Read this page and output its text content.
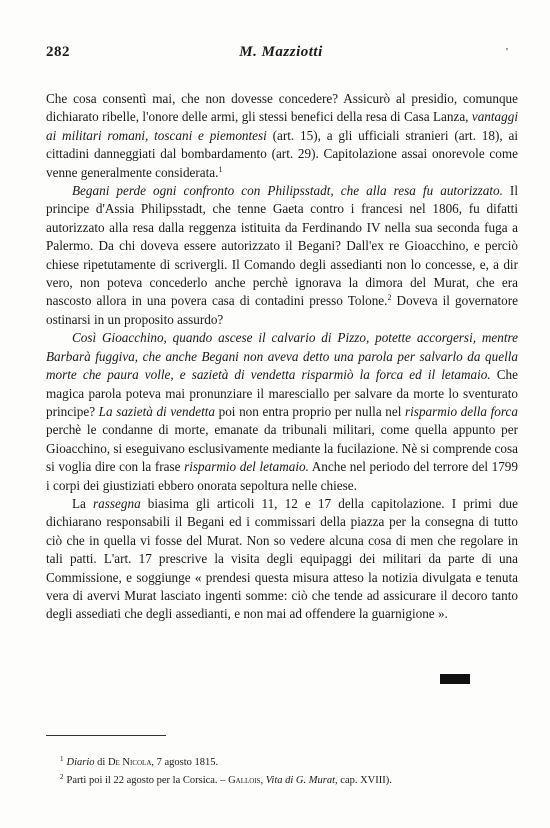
282	M. Mazziotti	'

Che cosa consentì mai, che non dovesse concedere? Assicurò al presidio, comunque dichiarato ribelle, l'onore delle armi, gli stessi benefici della resa di Casa Lanza, vantaggi ai militari romani, toscani e piemontesi (art. 15), a gli ufficiali stranieri (art. 18), ai cittadini danneggiati dal bombardamento (art. 29). Capitolazione assai onorevole come venne generalmente considerata.$^1$

Begani perde ogni confronto con Philipsstadt, che alla resa fu autorizzato. Il principe d'Assia Philipsstadt, che tenne Gaeta contro i francesi nel 1806, fu difatti autorizzato alla resa dalla reggenza istituita da Ferdinando IV nella sua seconda fuga a Palermo. Da chi doveva essere autorizzato il Begani? Dall'ex re Gioacchino, e perciò chiese ripetutamente di scrivergli. Il Comando degli assedianti non lo concesse, e, a dir vero, non poteva concederlo anche perchè ignorava la dimora del Murat, che era nascosto allora in una povera casa di contadini presso Tolone.$^2$ Doveva il governatore ostinarsi in un proposito assurdo?

Così Gioacchino, quando ascese il calvario di Pizzo, potette accorgersi, mentre Barbarà fuggiva, che anche Begani non aveva detto una parola per salvarlo da quella morte che paura volle, e sazietà di vendetta risparmiò la forca ed il letamaio. Che magica parola poteva mai pronunziare il maresciallo per salvare da morte lo sventurato principe? La sazietà di vendetta poi non entra proprio per nulla nel risparmio della forca perchè le condanne di morte, emanate da tribunali militari, come quella appunto per Gioacchino, si eseguivano esclusivamente mediante la fucilazione. Nè si comprende cosa si voglia dire con la frase risparmio del letamaio. Anche nel periodo del terrore del 1799 i corpi dei giustiziati ebbero onorata sepoltura nelle chiese.

La rassegna biasima gli articoli 11, 12 e 17 della capitolazione. I primi due dichiarano responsabili il Begani ed i commissari della piazza per la consegna di tutto ciò che in quella vi fosse del Murat. Non so vedere alcuna cosa di men che regolare in tali patti. L'art. 17 prescrive la visita degli equipaggi dei militari da parte di una Commissione, e soggiunge « prendesi questa misura atteso la notizia divulgata e tenuta vera di avervi Murat lasciato ingenti somme: ciò che tende ad assicurare il decoro tanto degli assediati che degli assedianti, e non mai ad offendere la guarnigione ».

$^1$ Diario di De Nicola, 7 agosto 1815.
$^2$ Partì poi il 22 agosto per la Corsica. – Gallois, Vita di G. Murat, cap. XVIII).
